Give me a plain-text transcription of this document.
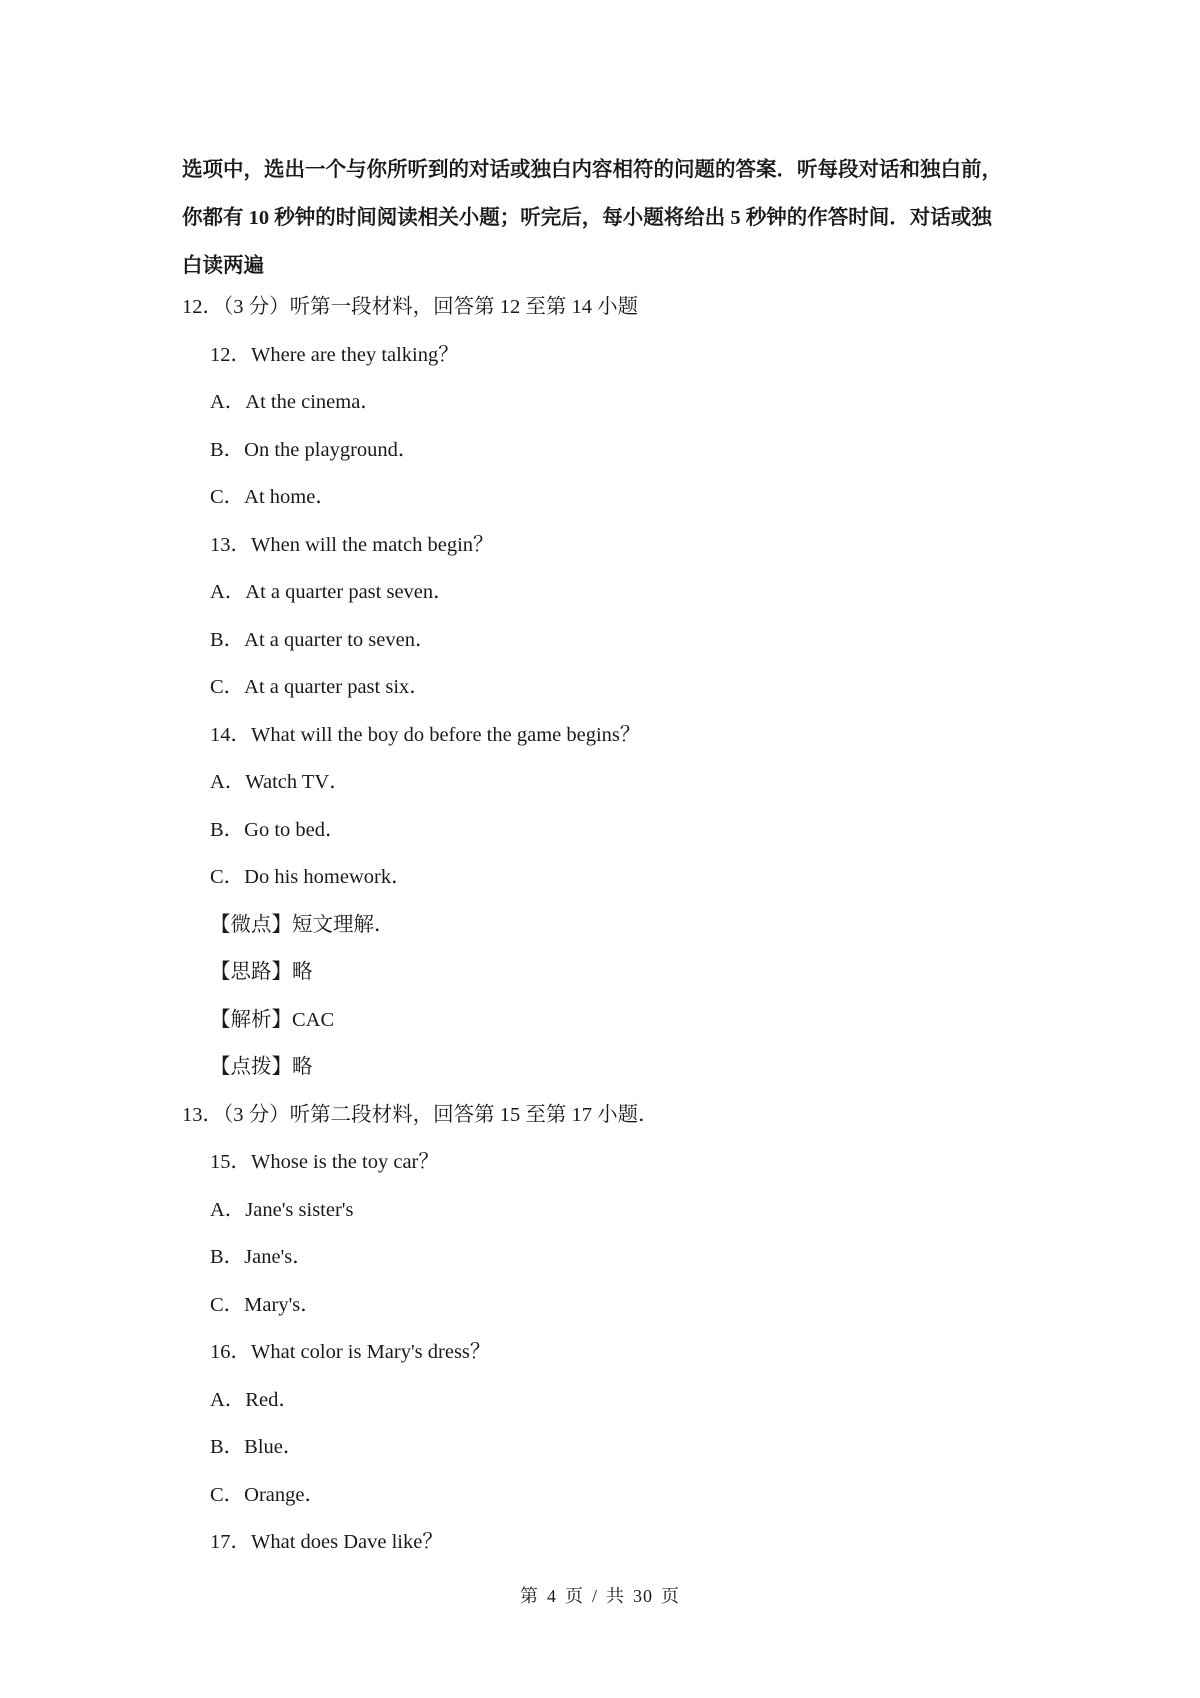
选项中，选出一个与你所听到的对话或独白内容相符的问题的答案．听每段对话和独白前，

你都有 10 秒钟的时间阅读相关小题；听完后，每小题将给出 5 秒钟的作答时间．对话或独

白读两遍

12．（3 分）听第一段材料，回答第 12 至第 14 小题
12．Where are they talking？
A．At the cinema．
B．On the playground．
C．At home．
13．When will the match begin？
A．At a quarter past seven．
B．At a quarter to seven．
C．At a quarter past six．
14．What will the boy do before the game begins？
A．Watch TV．
B．Go to bed．
C．Do his homework．
【微点】短文理解．
【思路】略
【解析】CAC
【点拨】略
13．（3 分）听第二段材料，回答第 15 至第 17 小题．
15．Whose is the toy car？
A．Jane's sister's
B．Jane's．
C．Mary's．
16．What color is Mary's dress？
A．Red．
B．Blue．
C．Orange．
17．What does Dave like？
第 4 页 / 共 30 页
